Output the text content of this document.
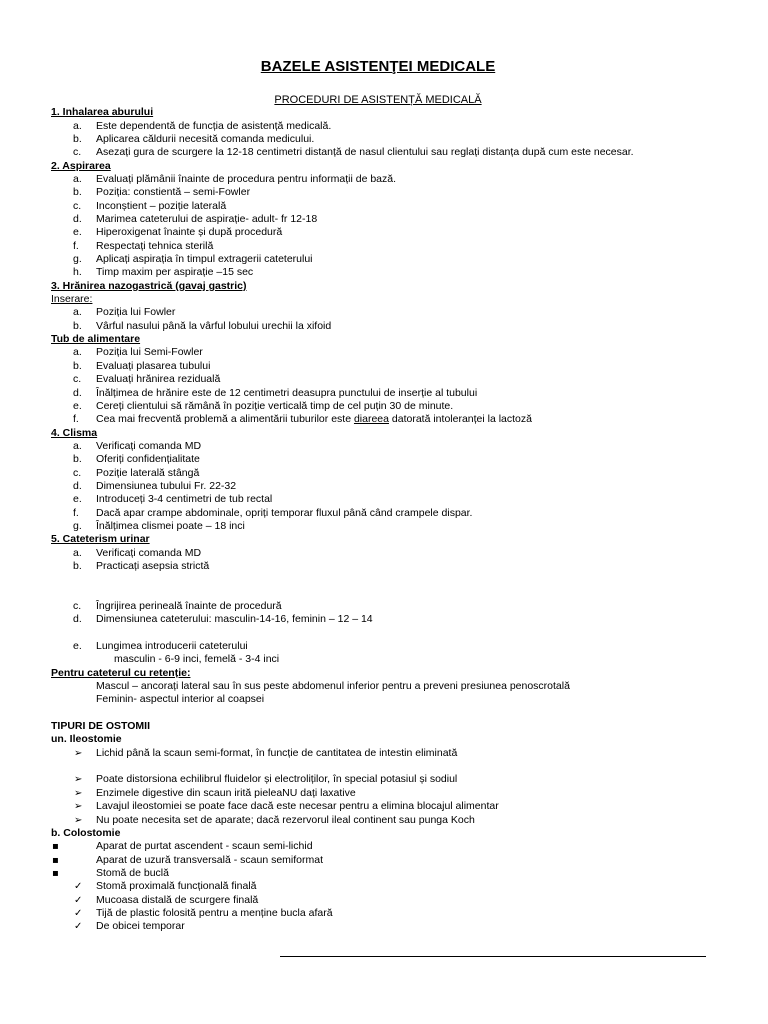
BAZELE ASISTENŢEI MEDICALE
PROCEDURI DE ASISTENȚĂ MEDICALĂ
1. Inhalarea aburului
a. Este dependentă de funcția de asistență medicală.
b. Aplicarea căldurii necesită comanda medicului.
c. Asezați gura de scurgere la 12-18 centimetri distanță de nasul clientului sau reglați distanța după cum este necesar.
2. Aspirarea
a. Evaluați plămânii înainte de procedura pentru informații de bază.
b. Poziția: constientă – semi-Fowler
c. Inconștient – poziție laterală
d. Marimea cateterului de aspirație- adult- fr 12-18
e. Hiperoxigenat înainte și după procedură
f. Respectați tehnica sterilă
g. Aplicați aspirația în timpul extragerii cateterului
h. Timp maxim per aspirație –15 sec
3. Hrănirea nazogastrică (gavaj gastric)
Inserare:
a. Poziția lui Fowler
b. Vârful nasului până la vârful lobului urechii la xifoid
Tub de alimentare
a. Poziția lui Semi-Fowler
b. Evaluați plasarea tubului
c. Evaluați hrănirea reziduală
d. Înălțimea de hrănire este de 12 centimetri deasupra punctului de inserție al tubului
e. Cereți clientului să rămână în poziție verticală timp de cel puțin 30 de minute.
f. Cea mai frecventă problemă a alimentării tuburilor este diareea datorată intoleranței la lactoză
4. Clisma
a. Verificați comanda MD
b. Oferiți confidențialitate
c. Poziție laterală stângă
d. Dimensiunea tubului Fr. 22-32
e. Introduceți 3-4 centimetri de tub rectal
f. Dacă apar crampe abdominale, opriți temporar fluxul până când crampele dispar.
g. Înălțimea clismei poate – 18 inci
5. Cateterism urinar
a. Verificați comanda MD
b. Practicați asepsia strictă
c. Îngrijirea perineală înainte de procedură
d. Dimensiunea cateterului: masculin-14-16, feminin – 12 – 14
e. Lungimea introducerii cateterului
masculin - 6-9 inci, femelă - 3-4 inci
Pentru cateterul cu retenție:
Mascul – ancorați lateral sau în sus peste abdomenul inferior pentru a preveni presiunea penoscrotală
Feminin- aspectul interior al coapsei
TIPURI DE OSTOMII
un. Ileostomie
➢
Lichid până la scaun semi-format, în funcție de cantitatea de intestin eliminată
➢
Poate distorsiona echilibrul fluidelor și electroliților, în special potasiul și sodiul
➢
Enzimele digestive din scaun irită pieleaNU dați laxative
➢
Lavajul ileostomiei se poate face dacă este necesar pentru a elimina blocajul alimentar
➢
Nu poate necesita set de aparate; dacă rezervorul ileal continent sau punga Koch
b. Colostomie
▪
Aparat de purtat ascendent - scaun semi-lichid
▪
Aparat de uzură transversală - scaun semiformat
▪
Stomă de buclă
✓
Stomă proximală funcțională finală
✓
Mucoasa distală de scurgere finală
✓
Tijă de plastic folosită pentru a menține bucla afară
✓
De obicei temporar
